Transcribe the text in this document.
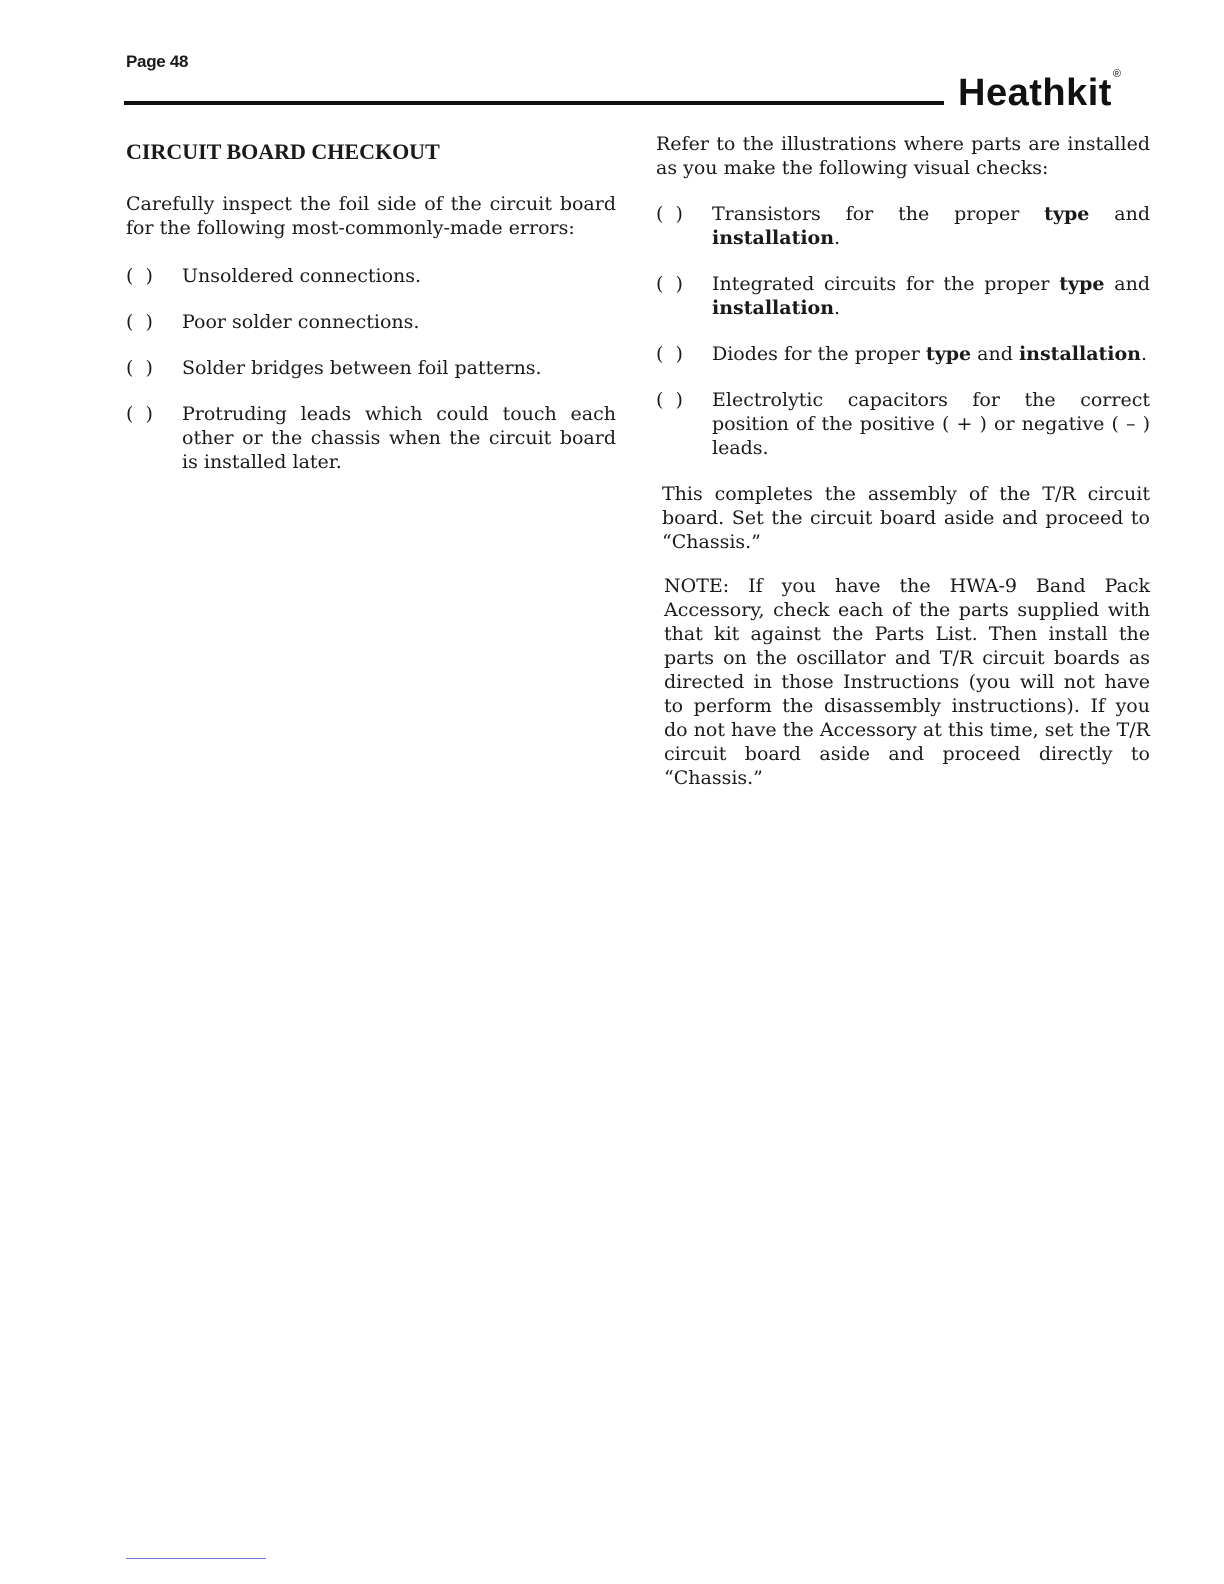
Page 48
Heathkit®
CIRCUIT BOARD CHECKOUT

Carefully inspect the foil side of the circuit board for the following most-commonly-made errors:

(  )	Unsoldered connections.
(  )	Poor solder connections.
(  )	Solder bridges between foil patterns.
(  )	Protruding leads which could touch each other or the chassis when the circuit board is installed later.

Refer to the illustrations where parts are installed as you make the following visual checks:

(  )	Transistors for the proper type and installation.
(  )	Integrated circuits for the proper type and installation.
(  )	Diodes for the proper type and installation.
(  )	Electrolytic capacitors for the correct position of the positive ( + ) or negative ( – ) leads.

This completes the assembly of the T/R circuit board. Set the circuit board aside and proceed to “Chassis.”

NOTE: If you have the HWA-9 Band Pack Accessory, check each of the parts supplied with that kit against the Parts List. Then install the parts on the oscillator and T/R circuit boards as directed in those Instructions (you will not have to perform the disassembly instructions). If you do not have the Accessory at this time, set the T/R circuit board aside and proceed directly to “Chassis.”
